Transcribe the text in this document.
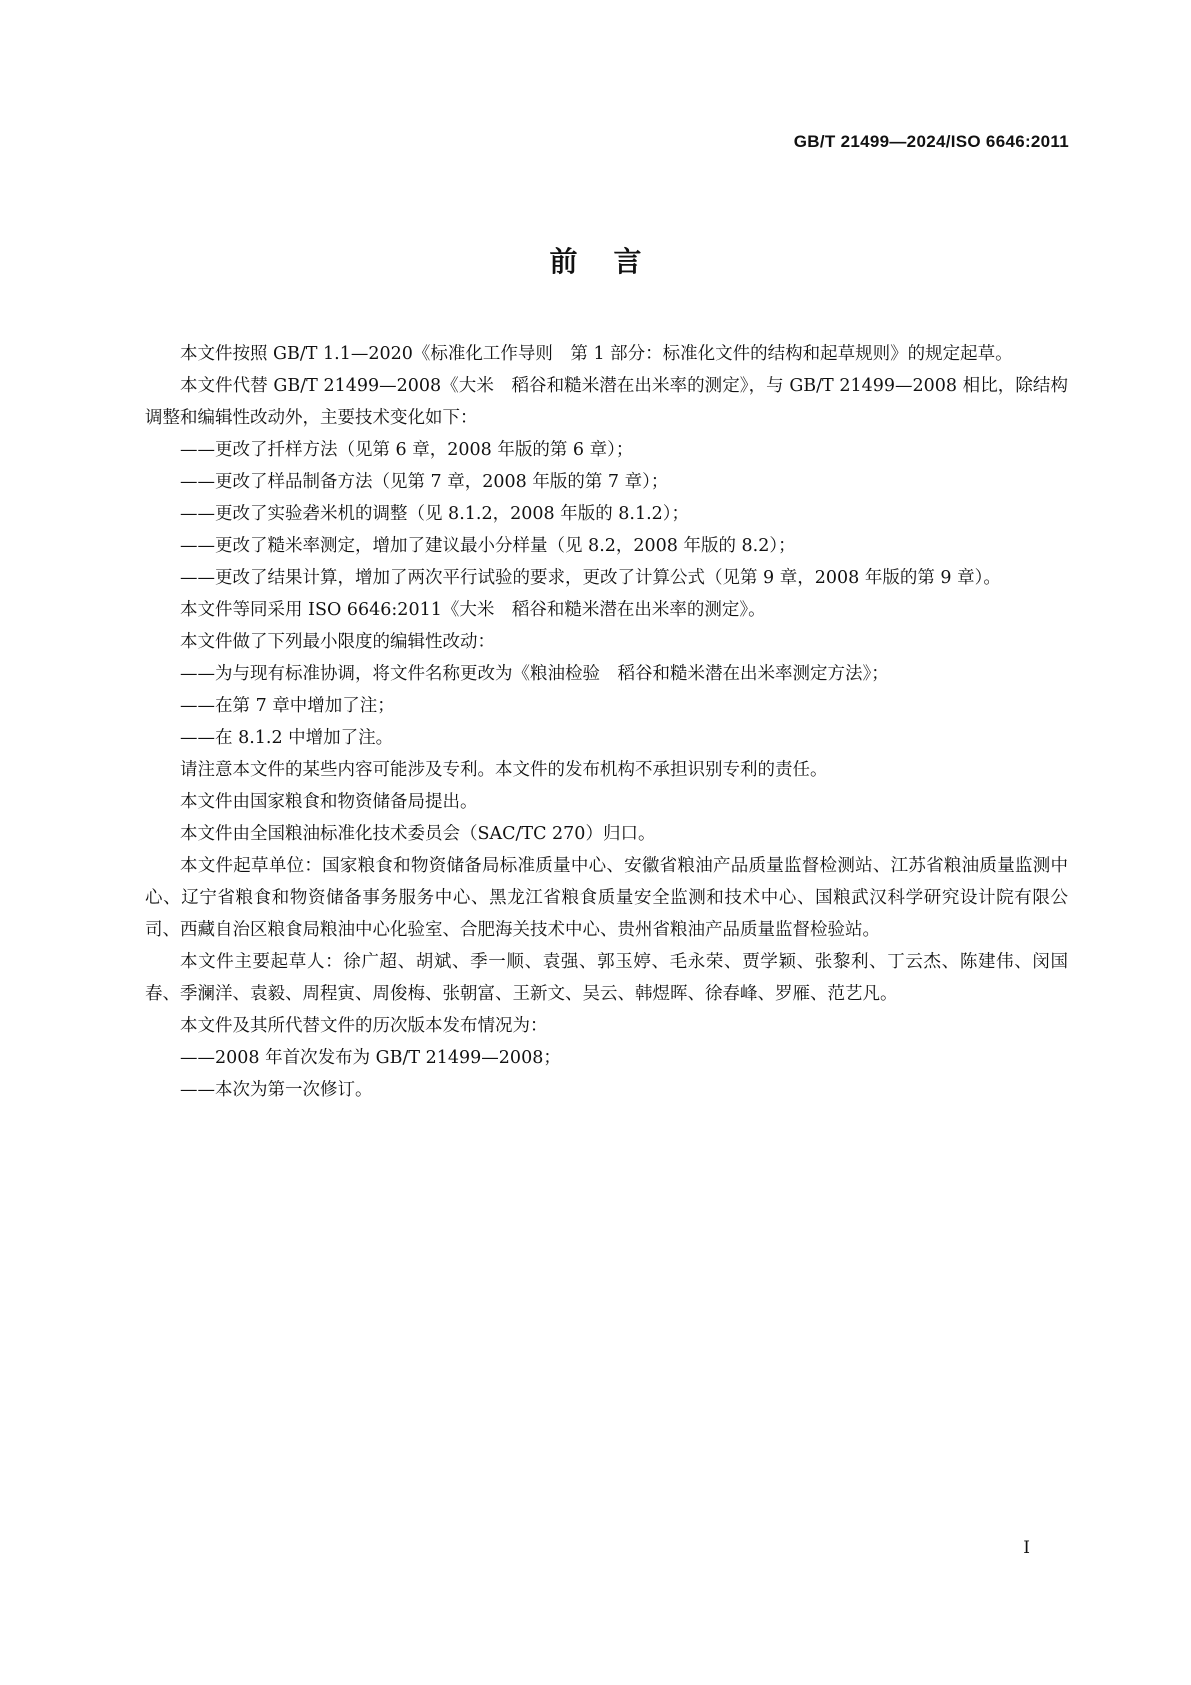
GB/T 21499—2024/ISO 6646:2011
前言

本文件按照 GB/T 1.1—2020《标准化工作导则　第 1 部分：标准化文件的结构和起草规则》的规定起草。

本文件代替 GB/T 21499—2008《大米　稻谷和糙米潜在出米率的测定》，与 GB/T 21499—2008 相比，除结构调整和编辑性改动外，主要技术变化如下：

——更改了扦样方法（见第 6 章，2008 年版的第 6 章）；

——更改了样品制备方法（见第 7 章，2008 年版的第 7 章）；

——更改了实验砻米机的调整（见 8.1.2，2008 年版的 8.1.2）；

——更改了糙米率测定，增加了建议最小分样量（见 8.2，2008 年版的 8.2）；

——更改了结果计算，增加了两次平行试验的要求，更改了计算公式（见第 9 章，2008 年版的第 9 章）。

本文件等同采用 ISO 6646:2011《大米　稻谷和糙米潜在出米率的测定》。

本文件做了下列最小限度的编辑性改动：

——为与现有标准协调，将文件名称更改为《粮油检验　稻谷和糙米潜在出米率测定方法》；

——在第 7 章中增加了注；

——在 8.1.2 中增加了注。

请注意本文件的某些内容可能涉及专利。本文件的发布机构不承担识别专利的责任。

本文件由国家粮食和物资储备局提出。

本文件由全国粮油标准化技术委员会（SAC/TC 270）归口。

本文件起草单位：国家粮食和物资储备局标准质量中心、安徽省粮油产品质量监督检测站、江苏省粮油质量监测中心、辽宁省粮食和物资储备事务服务中心、黑龙江省粮食质量安全监测和技术中心、国粮武汉科学研究设计院有限公司、西藏自治区粮食局粮油中心化验室、合肥海关技术中心、贵州省粮油产品质量监督检验站。

本文件主要起草人：徐广超、胡斌、季一顺、袁强、郭玉婷、毛永荣、贾学颖、张黎利、丁云杰、陈建伟、闵国春、季澜洋、袁毅、周程寅、周俊梅、张朝富、王新文、吴云、韩煜晖、徐春峰、罗雁、范艺凡。

本文件及其所代替文件的历次版本发布情况为：

——2008 年首次发布为 GB/T 21499—2008；

——本次为第一次修订。

I
